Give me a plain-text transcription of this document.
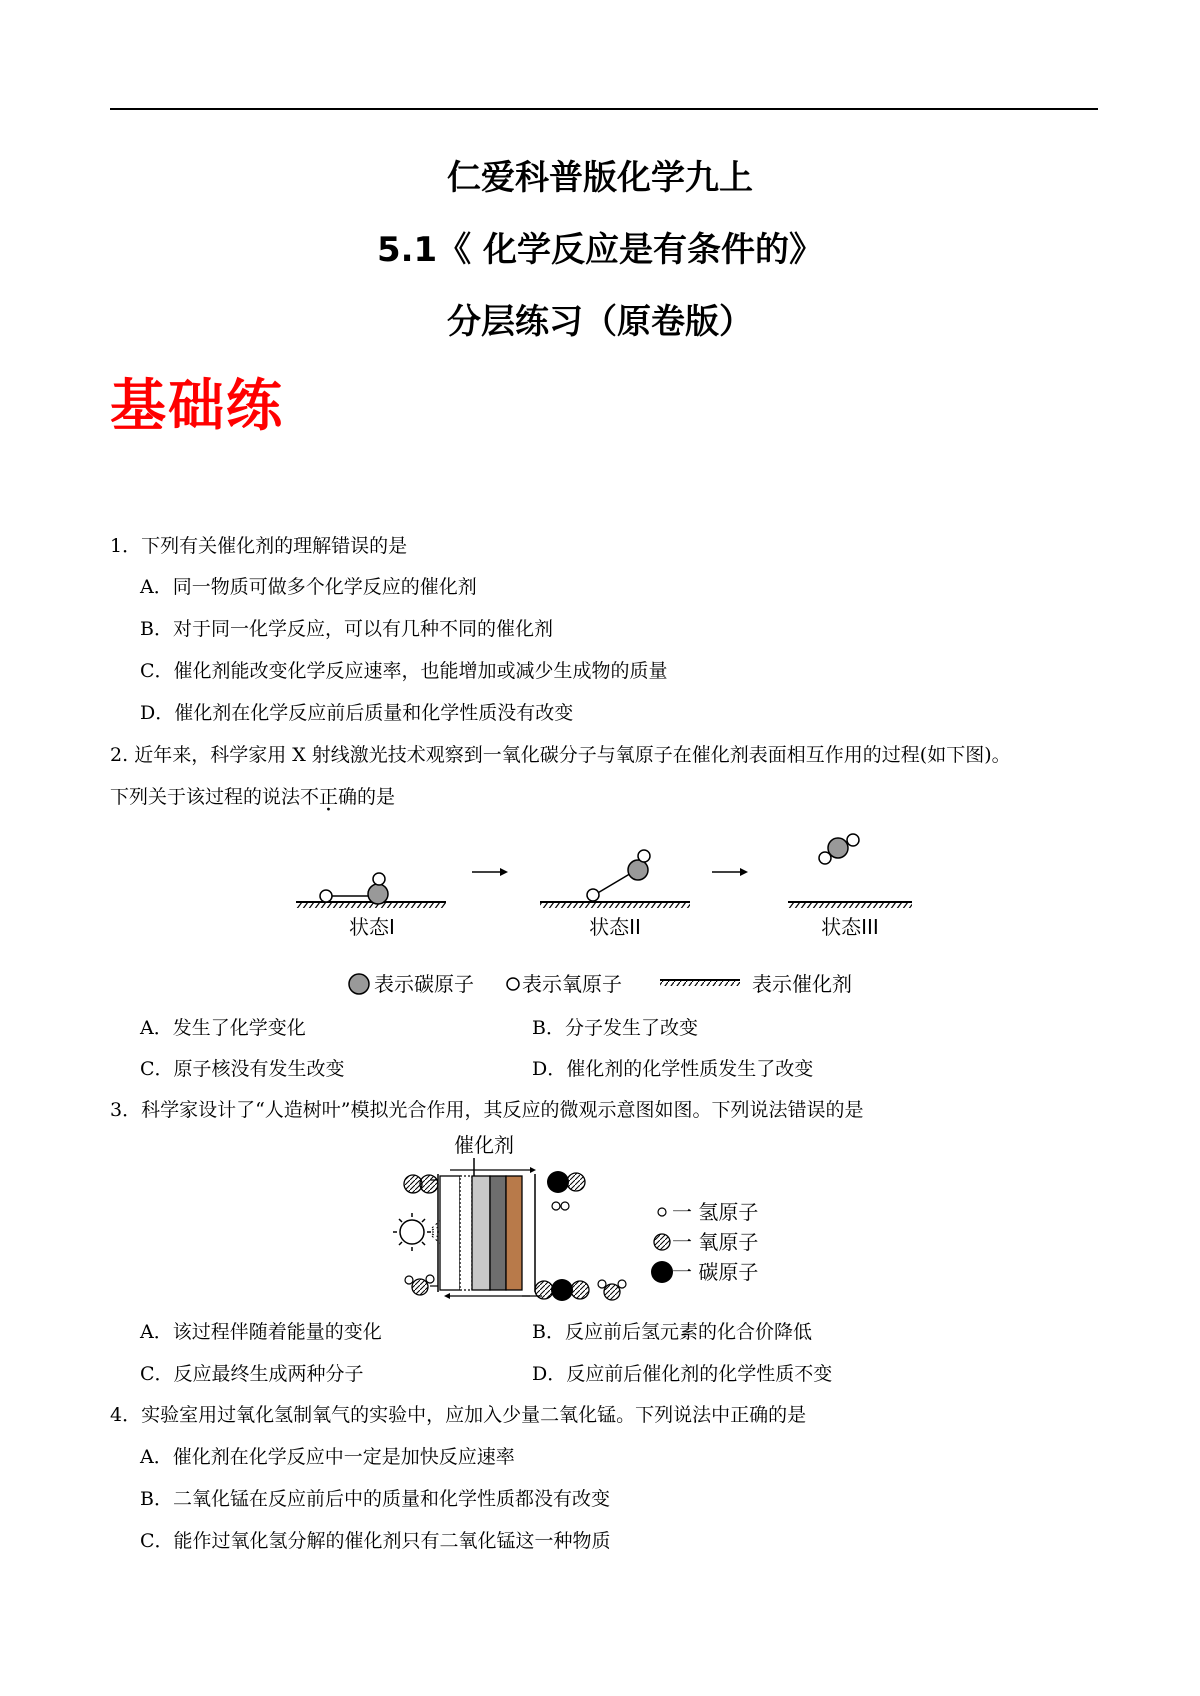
仁爱科普版化学九上
5.1《 化学反应是有条件的》
分层练习（原卷版）
基础练
1．下列有关催化剂的理解错误的是
A．同一物质可做多个化学反应的催化剂
B．对于同一化学反应，可以有几种不同的催化剂
C．催化剂能改变化学反应速率，也能增加或减少生成物的质量
D．催化剂在化学反应前后质量和化学性质没有改变
2. 近年来，科学家用 X 射线激光技术观察到一氧化碳分子与氧原子在催化剂表面相互作用的过程(如下图)。
下列关于该过程的说法不正确的是
状态I	状态II	状态III
表示碳原子 表示氧原子	表示催化剂
A．发生了化学变化	B．分子发生了改变
C．原子核没有发生改变	D．催化剂的化学性质发生了改变
3．科学家设计了“人造树叶”模拟光合作用，其反应的微观示意图如图。下列说法错误的是
催化剂
一 氢原子
一 氧原子
一 碳原子
A．该过程伴随着能量的变化	B．反应前后氢元素的化合价降低
C．反应最终生成两种分子	D．反应前后催化剂的化学性质不变
4．实验室用过氧化氢制氧气的实验中，应加入少量二氧化锰。下列说法中正确的是
A．催化剂在化学反应中一定是加快反应速率
B．二氧化锰在反应前后中的质量和化学性质都没有改变
C．能作过氧化氢分解的催化剂只有二氧化锰这一种物质
